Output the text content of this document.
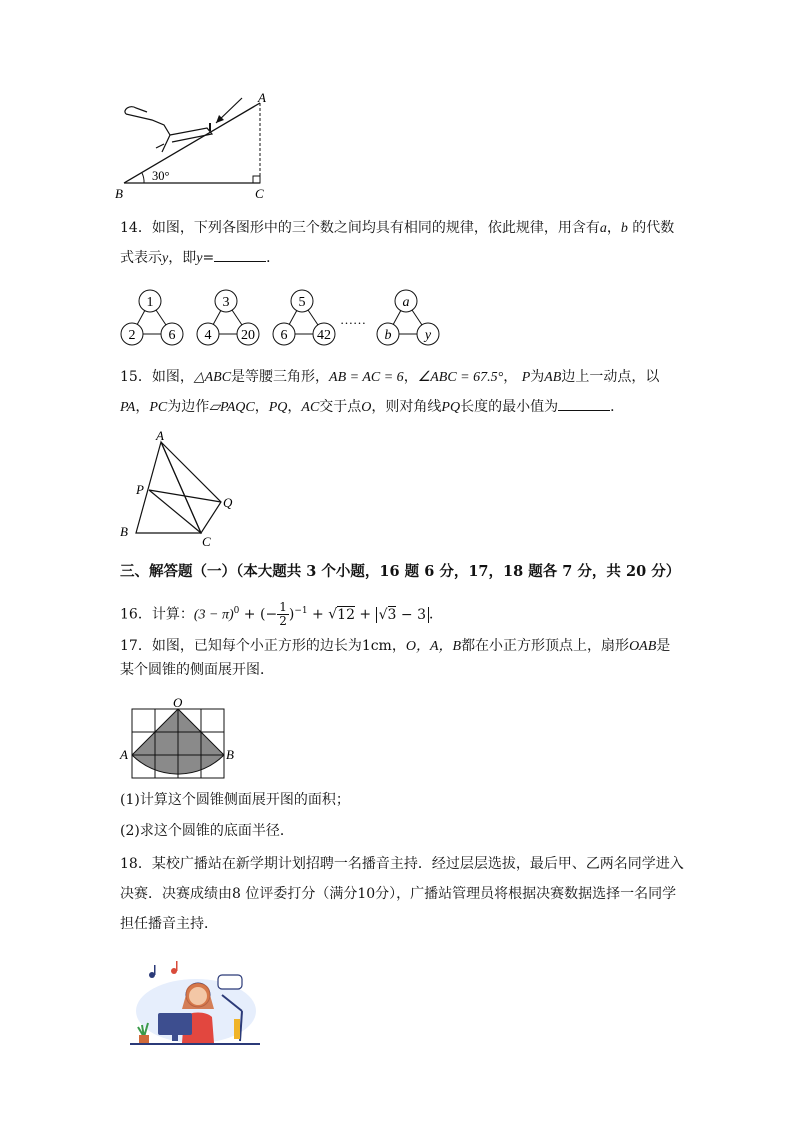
B	C
A
30°
14．如图，下列各图形中的三个数之间均具有相同的规律，依此规律，用含有a，b 的代数
式表示y，即y=	．
1
2 6
3
4 20
5
6 42
a
b y
……
15．如图，△ABC是等腰三角形，AB = AC = 6，∠ABC = 67.5°， P为AB边上一动点，以
PA，PC为边作▱PAQC，PQ，AC交于点O，则对角线PQ长度的最小值为	．
A
B
C
P
Q
三、解答题（一）（本大题共 3 个小题，16 题 6 分，17，18 题各 7 分，共 20 分）
16．计算：$(3 - \pi)^0$ + (− $\frac{1}{2} )^{-1} + √12 + √3 - 3$ ．
17．如图，已知每个小正方形的边长为1cm，O，A，B都在小正方形顶点上，扇形OAB是
某个圆锥的侧面展开图．
O
A	B
(1)计算这个圆锥侧面展开图的面积；
(2)求这个圆锥的底面半径．
18．某校广播站在新学期计划招聘一名播音主持．经过层层选拔，最后甲、乙两名同学进入
决赛．决赛成绩由8 位评委打分（满分10分），广播站管理员将根据决赛数据选择一名同学
担任播音主持．
